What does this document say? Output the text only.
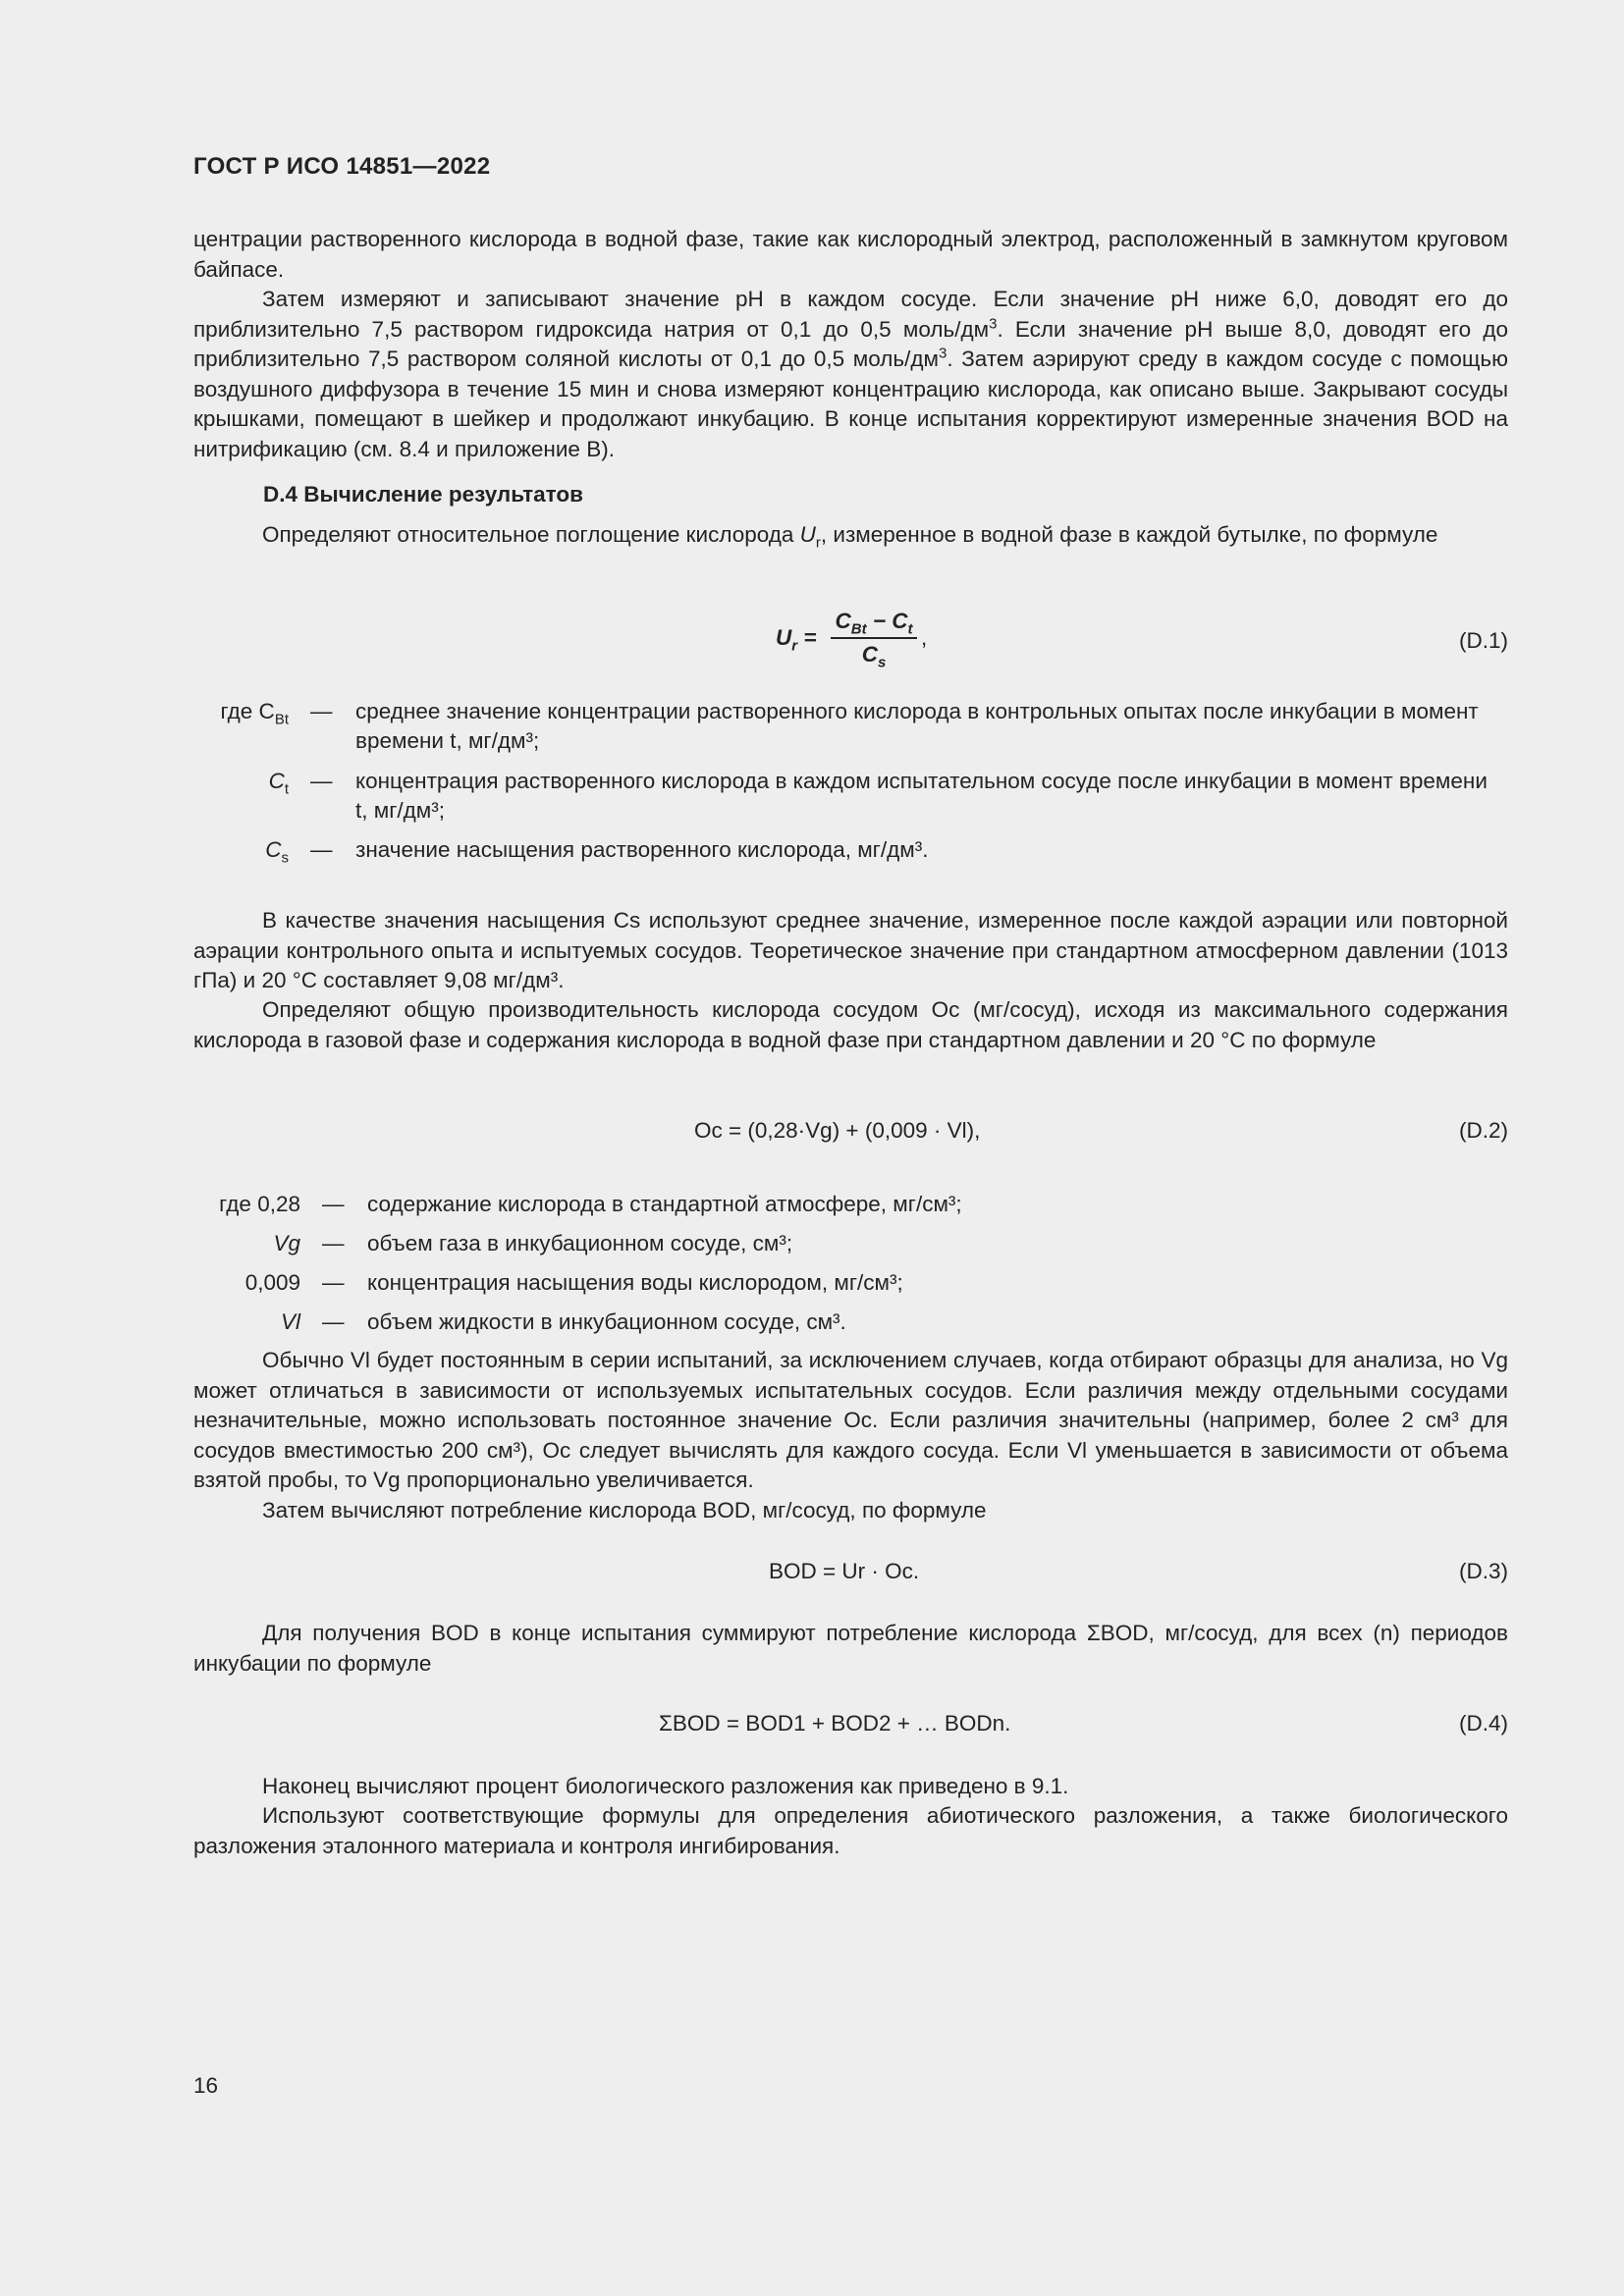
ГОСТ Р ИСО 14851—2022
центрации растворенного кислорода в водной фазе, такие как кислородный электрод, расположенный в замкнутом круговом байпасе.
Затем измеряют и записывают значение pH в каждом сосуде. Если значение pH ниже 6,0, доводят его до приблизительно 7,5 раствором гидроксида натрия от 0,1 до 0,5 моль/$дм^3$. Если значение pH выше 8,0, доводят его до приблизительно 7,5 раствором соляной кислоты от 0,1 до 0,5 моль/$дм^3$. Затем аэрируют среду в каждом сосуде с помощью воздушного диффузора в течение 15 мин и снова измеряют концентрацию кислорода, как описано выше. Закрывают сосуды крышками, помещают в шейкер и продолжают инкубацию. В конце испытания корректируют измеренные значения BOD на нитрификацию (см. 8.4 и приложение В).
D.4 Вычисление результатов
Определяют относительное поглощение кислорода $U_r$, измеренное в водной фазе в каждой бутылке, по формуле
$U_r$ =
$C_{Bt} - C_t$
$C_s$
,	(D.1)
где $C_{Bt}$ — среднее значение концентрации растворенного кислорода в контрольных опытах после инкубации в момент времени t, мг/дм³;
$C_t$ — концентрация растворенного кислорода в каждом испытательном сосуде после инкубации в момент времени t, мг/дм³;
$C_s$ — значение насыщения растворенного кислорода, мг/дм³.
В качестве значения насыщения Cs используют среднее значение, измеренное после каждой аэрации или повторной аэрации контрольного опыта и испытуемых сосудов. Теоретическое значение при стандартном атмосферном давлении (1013 гПа) и 20 °С составляет 9,08 мг/дм³.
Определяют общую производительность кислорода сосудом Oc (мг/сосуд), исходя из максимального содержания кислорода в газовой фазе и содержания кислорода в водной фазе при стандартном давлении и 20 °С по формуле
Oc = (0,28·Vg) + (0,009 · Vl),	(D.2)
где 0,28 — содержание кислорода в стандартной атмосфере, мг/см³;
Vg — объем газа в инкубационном сосуде, см³;
0,009 — концентрация насыщения воды кислородом, мг/см³;
Vl — объем жидкости в инкубационном сосуде, см³.
Обычно Vl будет постоянным в серии испытаний, за исключением случаев, когда отбирают образцы для анализа, но Vg может отличаться в зависимости от используемых испытательных сосудов. Если различия между отдельными сосудами незначительные, можно использовать постоянное значение Oc. Если различия значительны (например, более 2 см³ для сосудов вместимостью 200 см³), Oc следует вычислять для каждого сосуда. Если Vl уменьшается в зависимости от объема взятой пробы, то Vg пропорционально увеличивается.
Затем вычисляют потребление кислорода BOD, мг/сосуд, по формуле
BOD = Ur · Oc.	(D.3)
Для получения BOD в конце испытания суммируют потребление кислорода ΣBOD, мг/сосуд, для всех (n) периодов инкубации по формуле
ΣBOD = BOD1 + BOD2 + … BODn.	(D.4)
Наконец вычисляют процент биологического разложения как приведено в 9.1.
Используют соответствующие формулы для определения абиотического разложения, а также биологического разложения эталонного материала и контроля ингибирования.
16
